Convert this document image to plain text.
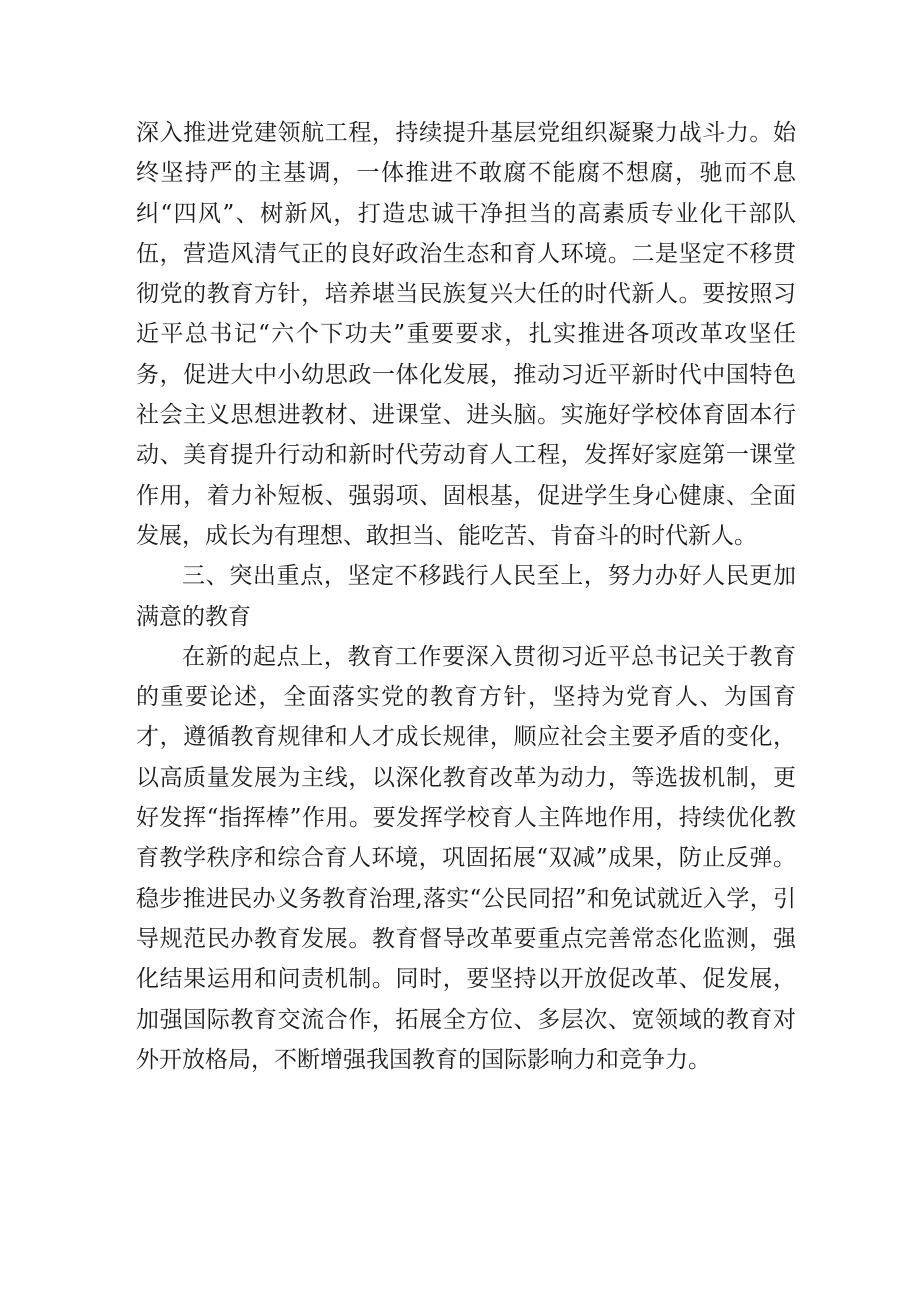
深入推进党建领航工程，持续提升基层党组织凝聚力战斗力。始终坚持严的主基调，一体推进不敢腐不能腐不想腐，驰而不息纠“四风”、树新风，打造忠诚干净担当的高素质专业化干部队伍，营造风清气正的良好政治生态和育人环境。二是坚定不移贯彻党的教育方针，培养堪当民族复兴大任的时代新人。要按照习近平总书记“六个下功夫”重要要求，扎实推进各项改革攻坚任务，促进大中小幼思政一体化发展，推动习近平新时代中国特色社会主义思想进教材、进课堂、进头脑。实施好学校体育固本行动、美育提升行动和新时代劳动育人工程，发挥好家庭第一课堂作用，着力补短板、强弱项、固根基，促进学生身心健康、全面发展，成长为有理想、敢担当、能吃苦、肯奋斗的时代新人。

三、突出重点，坚定不移践行人民至上，努力办好人民更加满意的教育

在新的起点上，教育工作要深入贯彻习近平总书记关于教育的重要论述，全面落实党的教育方针，坚持为党育人、为国育才，遵循教育规律和人才成长规律，顺应社会主要矛盾的变化，以高质量发展为主线，以深化教育改革为动力，等选拔机制，更好发挥“指挥棒”作用。要发挥学校育人主阵地作用，持续优化教育教学秩序和综合育人环境，巩固拓展“双减”成果，防止反弹。稳步推进民办义务教育治理,落实“公民同招”和免试就近入学，引导规范民办教育发展。教育督导改革要重点完善常态化监测，强化结果运用和问责机制。同时，要坚持以开放促改革、促发展，加强国际教育交流合作，拓展全方位、多层次、宽领域的教育对外开放格局，不断增强我国教育的国际影响力和竞争力。
